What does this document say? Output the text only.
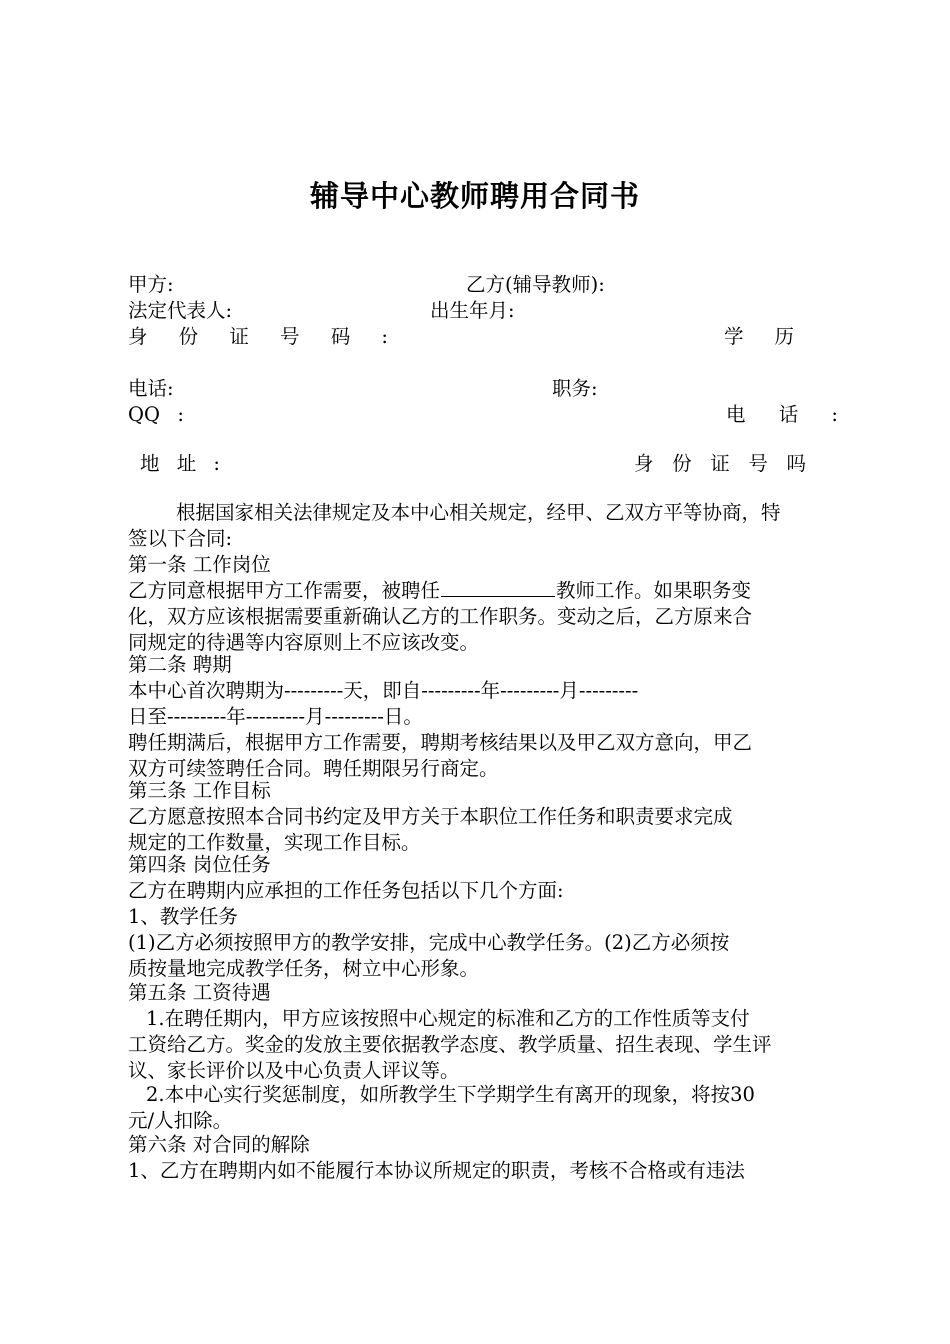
辅导中心教师聘用合同书
甲方:	乙方(辅导教师):
法定代表人:	出生年月:
身 份 证 号 码 :	学 历
电话:	职务:
QQ :	电 话 :
地 址 :	身 份 证 号 吗
根据国家相关法律规定及本中心相关规定，经甲、乙双方平等协商，特
签以下合同:
第一条 工作岗位
乙方同意根据甲方工作需要，被聘任	教师工作。如果职务变
化，双方应该根据需要重新确认乙方的工作职务。变动之后，乙方原来合
同规定的待遇等内容原则上不应该改变。
第二条 聘期
本中心首次聘期为---------天，即自---------年---------月---------
日至---------年---------月---------日。
聘任期满后，根据甲方工作需要，聘期考核结果以及甲乙双方意向，甲乙
双方可续签聘任合同。聘任期限另行商定。
第三条 工作目标
乙方愿意按照本合同书约定及甲方关于本职位工作任务和职责要求完成
规定的工作数量，实现工作目标。
第四条 岗位任务
乙方在聘期内应承担的工作任务包括以下几个方面:
1、教学任务
(1)乙方必须按照甲方的教学安排，完成中心教学任务。(2)乙方必须按
质按量地完成教学任务，树立中心形象。
第五条 工资待遇
1.在聘任期内，甲方应该按照中心规定的标准和乙方的工作性质等支付
工资给乙方。奖金的发放主要依据教学态度、教学质量、招生表现、学生评
议、家长评价以及中心负责人评议等。
2.本中心实行奖惩制度，如所教学生下学期学生有离开的现象，将按30
元/人扣除。
第六条 对合同的解除
1、乙方在聘期内如不能履行本协议所规定的职责，考核不合格或有违法
